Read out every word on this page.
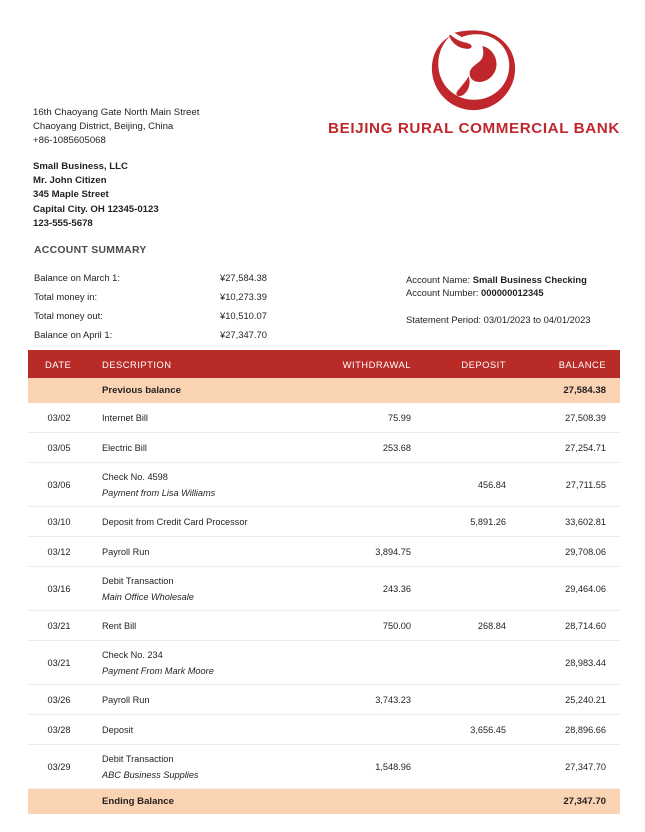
BEIJING RURAL COMMERCIAL BANK
16th Chaoyang Gate North Main Street
Chaoyang District, Beijing, China
+86-1085605068
Small Business, LLC
Mr. John Citizen
345 Maple Street
Capital City. OH 12345-0123
123-555-5678
ACCOUNT SUMMARY
Balance on March 1:	¥27,584.38
Total money in:	¥10,273.39
Total money out:	¥10,510.07
Balance on April 1:	¥27,347.70
Account Name: Small Business Checking
Account Number: 000000012345
Statement Period: 03/01/2023 to 04/01/2023
DATE	DESCRIPTION	WITHDRAWAL	DEPOSIT	BALANCE
	Previous balance			27,584.38
03/02	Internet Bill	75.99		27,508.39
03/05	Electric Bill	253.68		27,254.71
03/06	Check No. 4598
Payment from Lisa Williams		456.84	27,711.55
03/10	Deposit from Credit Card Processor		5,891.26	33,602.81
03/12	Payroll Run	3,894.75		29,708.06
03/16	Debit Transaction
Main Office Wholesale	243.36		29,464.06
03/21	Rent Bill	750.00	268.84	28,714.60
03/21	Check No. 234
Payment From Mark Moore			28,983.44
03/26	Payroll Run	3,743.23		25,240.21
03/28	Deposit		3,656.45	28,896.66
03/29	Debit Transaction
ABC Business Supplies	1,548.96		27,347.70
	Ending Balance			27,347.70
